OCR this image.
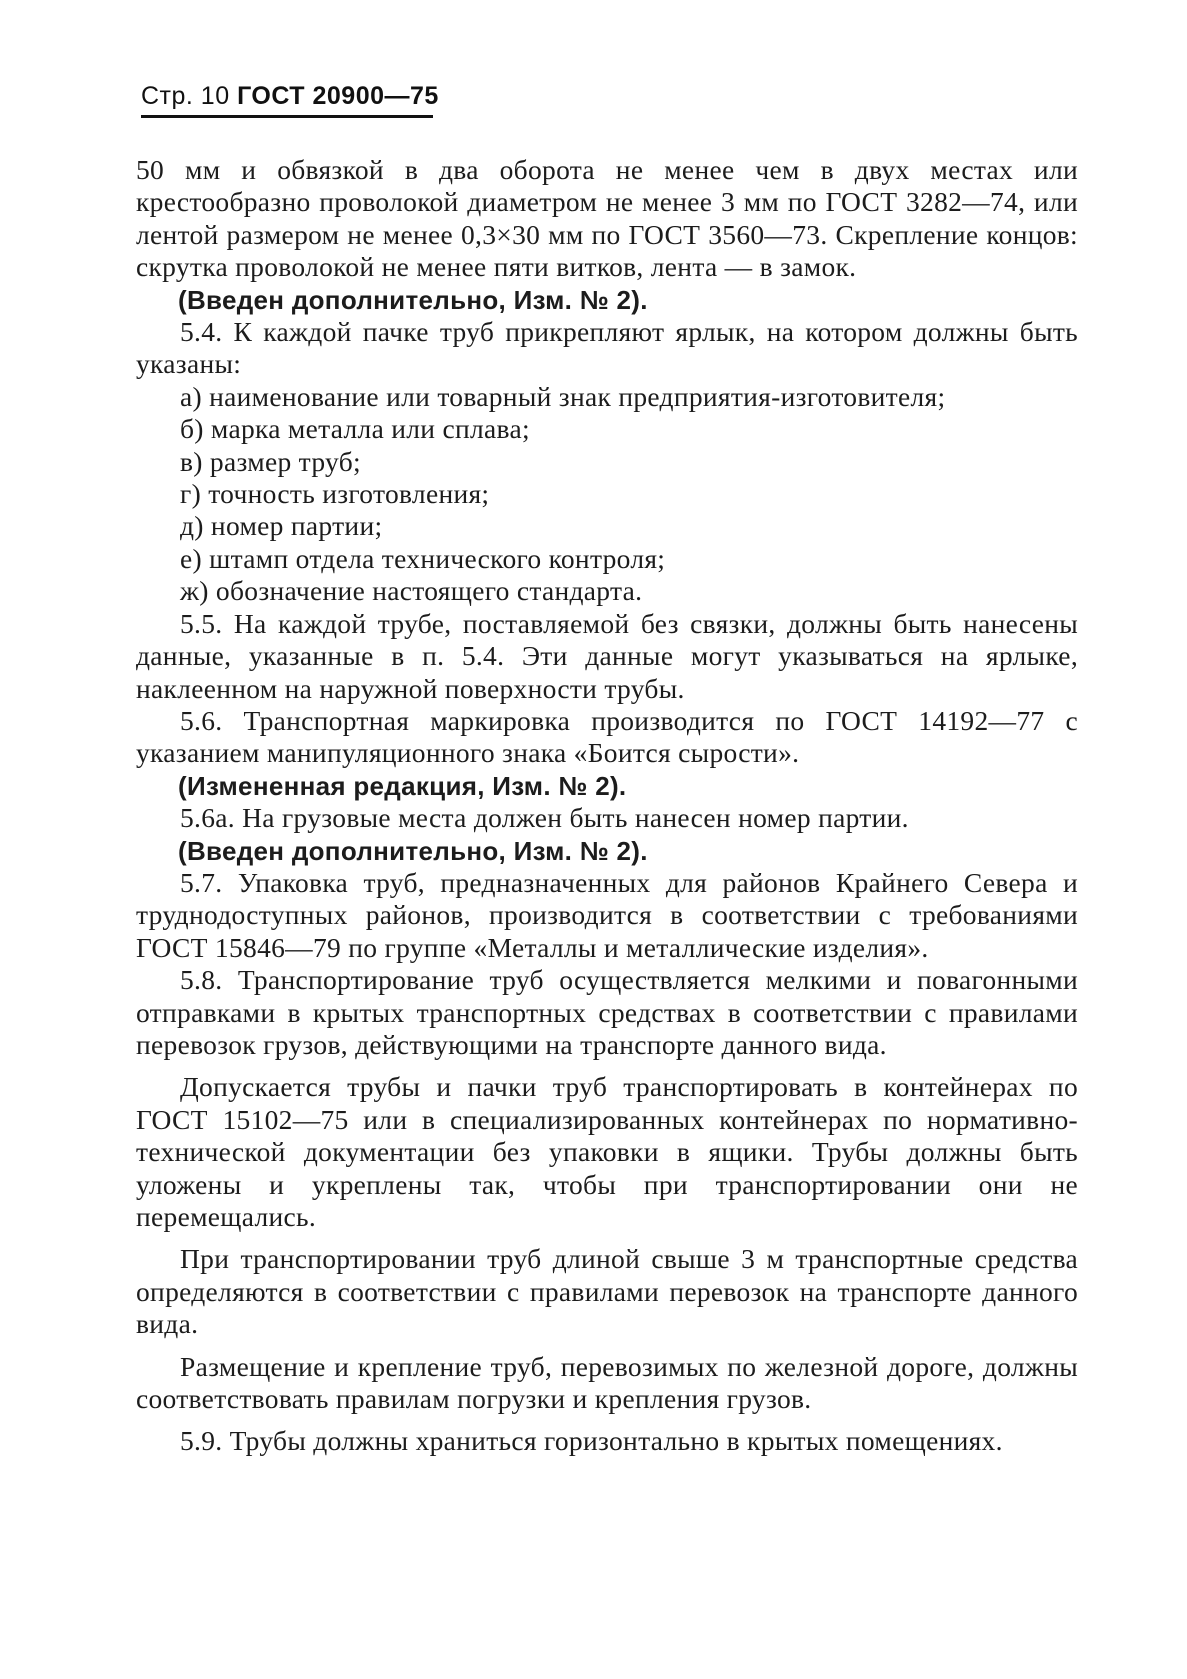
Стр. 10 ГОСТ 20900—75

50 мм и обвязкой в два оборота не менее чем в двух местах или крестообразно проволокой диаметром не менее 3 мм по ГОСТ 3282—74, или лентой размером не менее 0,3×30 мм по ГОСТ 3560—73. Скрепление концов: скрутка проволокой не менее пяти витков, лента — в замок.

(Введен дополнительно, Изм. № 2).

5.4. К каждой пачке труб прикрепляют ярлык, на котором должны быть указаны:

а) наименование или товарный знак предприятия-изготовителя;

б) марка металла или сплава;

в) размер труб;

г) точность изготовления;

д) номер партии;

е) штамп отдела технического контроля;

ж) обозначение настоящего стандарта.

5.5. На каждой трубе, поставляемой без связки, должны быть нанесены данные, указанные в п. 5.4. Эти данные могут указываться на ярлыке, наклеенном на наружной поверхности трубы.

5.6. Транспортная маркировка производится по ГОСТ 14192—77 с указанием манипуляционного знака «Боится сырости».

(Измененная редакция, Изм. № 2).

5.6а. На грузовые места должен быть нанесен номер партии.

(Введен дополнительно, Изм. № 2).

5.7. Упаковка труб, предназначенных для районов Крайнего Севера и труднодоступных районов, производится в соответствии с требованиями ГОСТ 15846—79 по группе «Металлы и металлические изделия».

5.8. Транспортирование труб осуществляется мелкими и повагонными отправками в крытых транспортных средствах в соответствии с правилами перевозок грузов, действующими на транспорте данного вида.

Допускается трубы и пачки труб транспортировать в контейнерах по ГОСТ 15102—75 или в специализированных контейнерах по нормативно-технической документации без упаковки в ящики. Трубы должны быть уложены и укреплены так, чтобы при транспортировании они не перемещались.

При транспортировании труб длиной свыше 3 м транспортные средства определяются в соответствии с правилами перевозок на транспорте данного вида.

Размещение и крепление труб, перевозимых по железной дороге, должны соответствовать правилам погрузки и крепления грузов.

5.9. Трубы должны храниться горизонтально в крытых помещениях.
